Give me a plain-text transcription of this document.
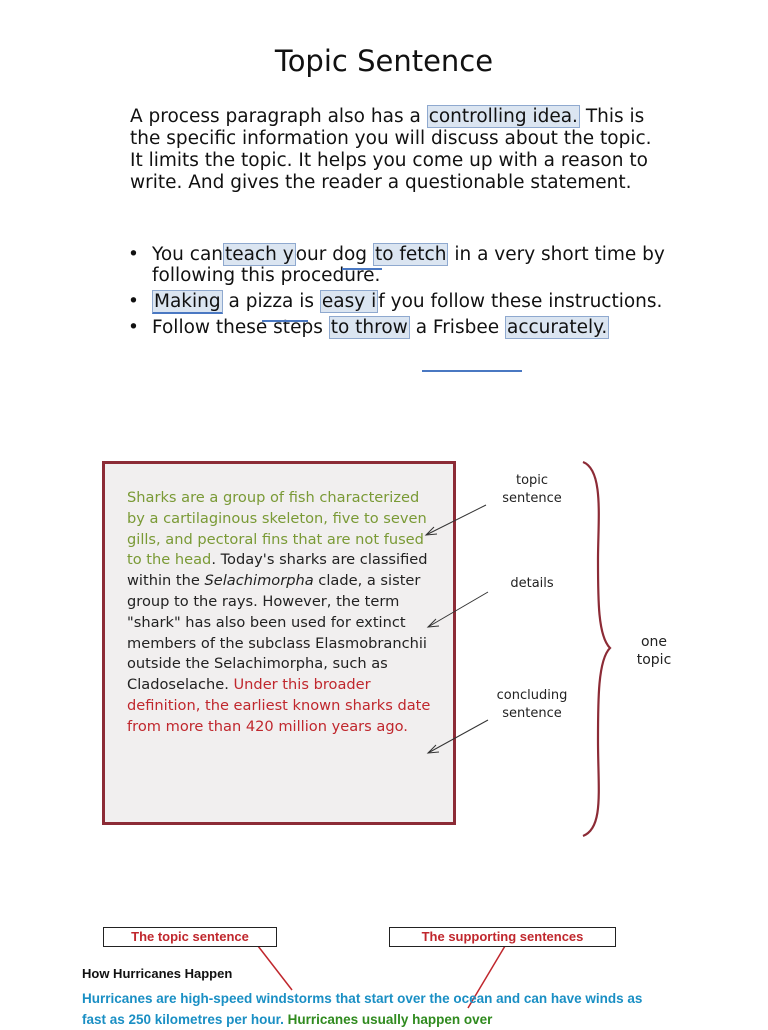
Topic Sentence
A process paragraph also has a controlling idea. This is the specific information you will discuss about the topic. It limits the topic. It helps you come up with a reason to write. And gives the reader a questionable statement.
• You can teach y our dog to fetch in a very short time by following this procedure.
• Making a pizza is easy i f you follow these instructions.
• Follow these steps to throw a Frisbee accurately.
Sharks are a group of fish characterized by a cartilaginous skeleton, five to seven gills, and pectoral fins that are not fused to the head. Today's sharks are classified within the Selachimorpha clade, a sister group to the rays. However, the term "shark" has also been used for extinct members of the subclass Elasmobranchii outside the Selachimorpha, such as Cladoselache. Under this broader definition, the earliest known sharks date from more than 420 million years ago.
topic sentence
details
concluding sentence
one topic
The topic sentence	The supporting sentences
How Hurricanes Happen
Hurricanes are high-speed windstorms that start over the ocean and can have winds as fast as 250 kilometres per hour. Hurricanes usually happen over
